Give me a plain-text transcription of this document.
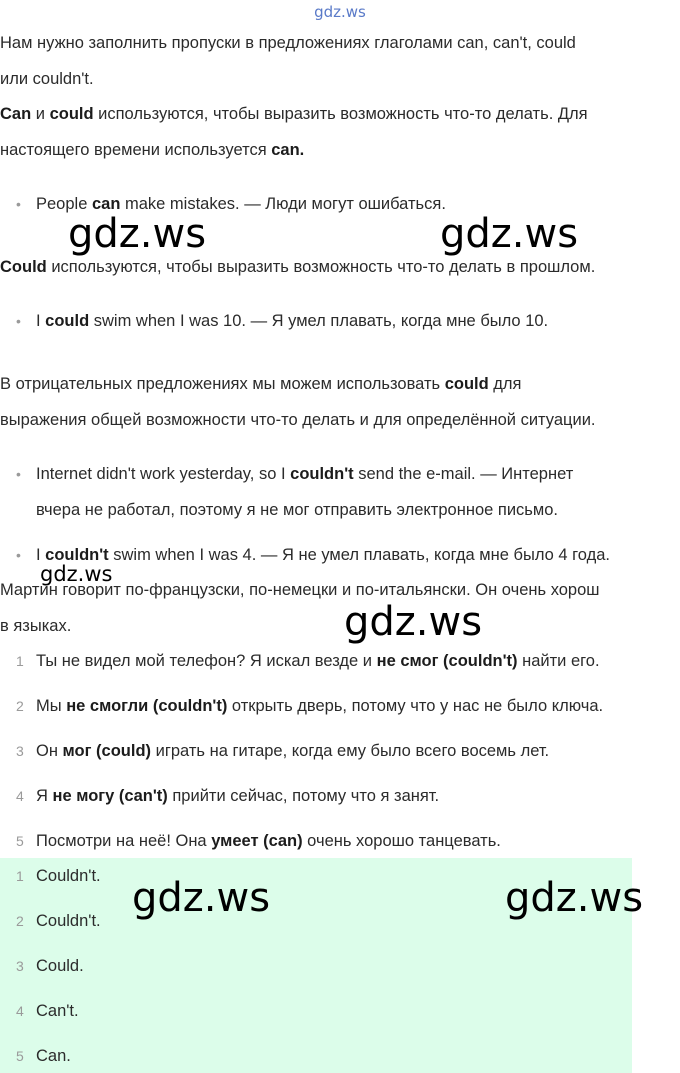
gdz.ws

Нам нужно заполнить пропуски в предложениях глаголами can, can't, could

или couldn't.

Can и could используются, чтобы выразить возможность что-то делать. Для

настоящего времени используется can.

• People can make mistakes. — Люди могут ошибаться.

Could используются, чтобы выразить возможность что-то делать в прошлом.

• I could swim when I was 10. — Я умел плавать, когда мне было 10.

В отрицательных предложениях мы можем использовать could для

выражения общей возможности что-то делать и для определённой ситуации.

• Internet didn't work yesterday, so I couldn't send the e-mail. — Интернет

вчера не работал, поэтому я не мог отправить электронное письмо.

• I couldn't swim when I was 4. — Я не умел плавать, когда мне было 4 года.

Мартин говорит по-французски, по-немецки и по-итальянски. Он очень хорош

в языках.

1 Ты не видел мой телефон? Я искал везде и не смог (couldn't) найти его.

2 Мы не смогли (couldn't) открыть дверь, потому что у нас не было ключа.

3 Он мог (could) играть на гитаре, когда ему было всего восемь лет.

4 Я не могу (can't) прийти сейчас, потому что я занят.

5 Посмотри на неё! Она умеет (can) очень хорошо танцевать.

1 Couldn't.

2 Couldn't.

3 Could.

4 Can't.

5 Can.

gdz.ws	gdz.ws
gdz.ws
gdz.ws
gdz.ws	gdz.ws
